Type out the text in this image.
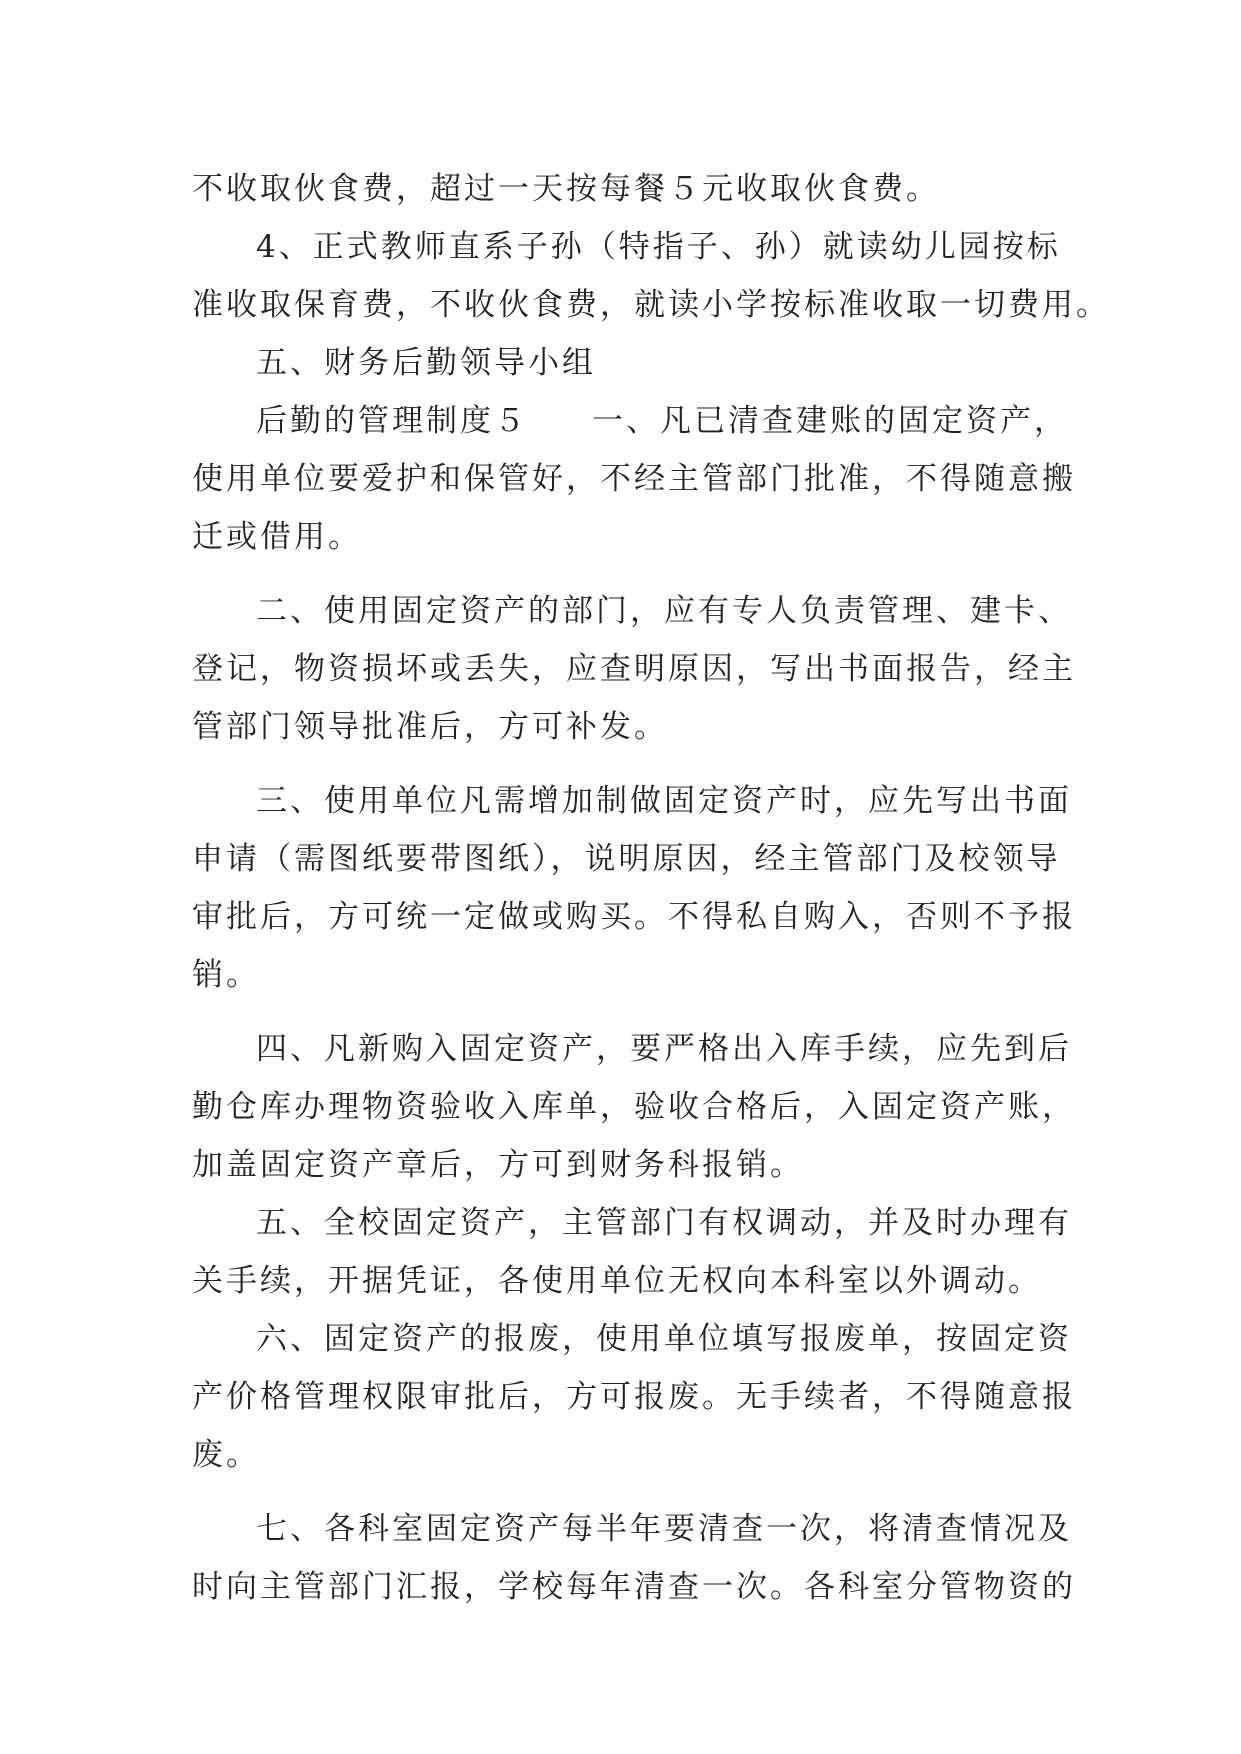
不收取伙食费，超过一天按每餐５元收取伙食费。
4、正式教师直系子孙（特指子、孙）就读幼儿园按标
准收取保育费，不收伙食费，就读小学按标准收取一切费用。
五、财务后勤领导小组
后勤的管理制度５ 一、凡已清查建账的固定资产，
使用单位要爱护和保管好，不经主管部门批准，不得随意搬
迁或借用。
二、使用固定资产的部门，应有专人负责管理、建卡、
登记，物资损坏或丢失，应查明原因，写出书面报告，经主
管部门领导批准后，方可补发。
三、使用单位凡需增加制做固定资产时，应先写出书面
申请（需图纸要带图纸），说明原因，经主管部门及校领导
审批后，方可统一定做或购买。不得私自购入，否则不予报
销。
四、凡新购入固定资产，要严格出入库手续，应先到后
勤仓库办理物资验收入库单，验收合格后，入固定资产账，
加盖固定资产章后，方可到财务科报销。
五、全校固定资产，主管部门有权调动，并及时办理有
关手续，开据凭证，各使用单位无权向本科室以外调动。
六、固定资产的报废，使用单位填写报废单，按固定资
产价格管理权限审批后，方可报废。无手续者，不得随意报
废。
七、各科室固定资产每半年要清查一次，将清查情况及
时向主管部门汇报，学校每年清查一次。各科室分管物资的
